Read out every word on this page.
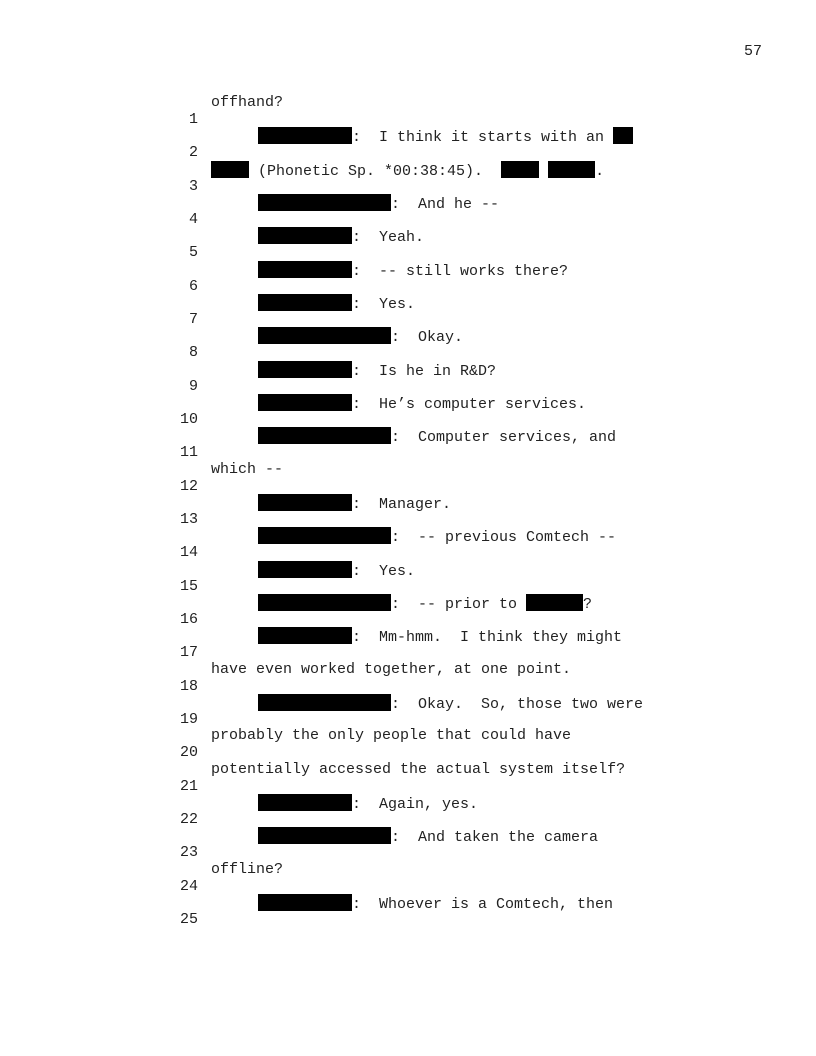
57

1

offhand?

2

:  I think it starts with an

3

(Phonetic Sp. *00:38:45).	.

4

:  And he --

5

:  Yeah.

6

:  -- still works there?

7

:  Yes.

8

:  Okay.

9

:  Is he in R&D?

10

:  He’s computer services.

11

:  Computer services, and

12

which --

13

:  Manager.

14

:  -- previous Comtech --

15

:  Yes.

16

:  -- prior to	?

17

:  Mm-hmm.  I think they might

18

have even worked together, at one point.

19

:  Okay.  So, those two were

20

probably the only people that could have

21

potentially accessed the actual system itself?

22

:  Again, yes.

23

:  And taken the camera

24

offline?

25

:  Whoever is a Comtech, then
